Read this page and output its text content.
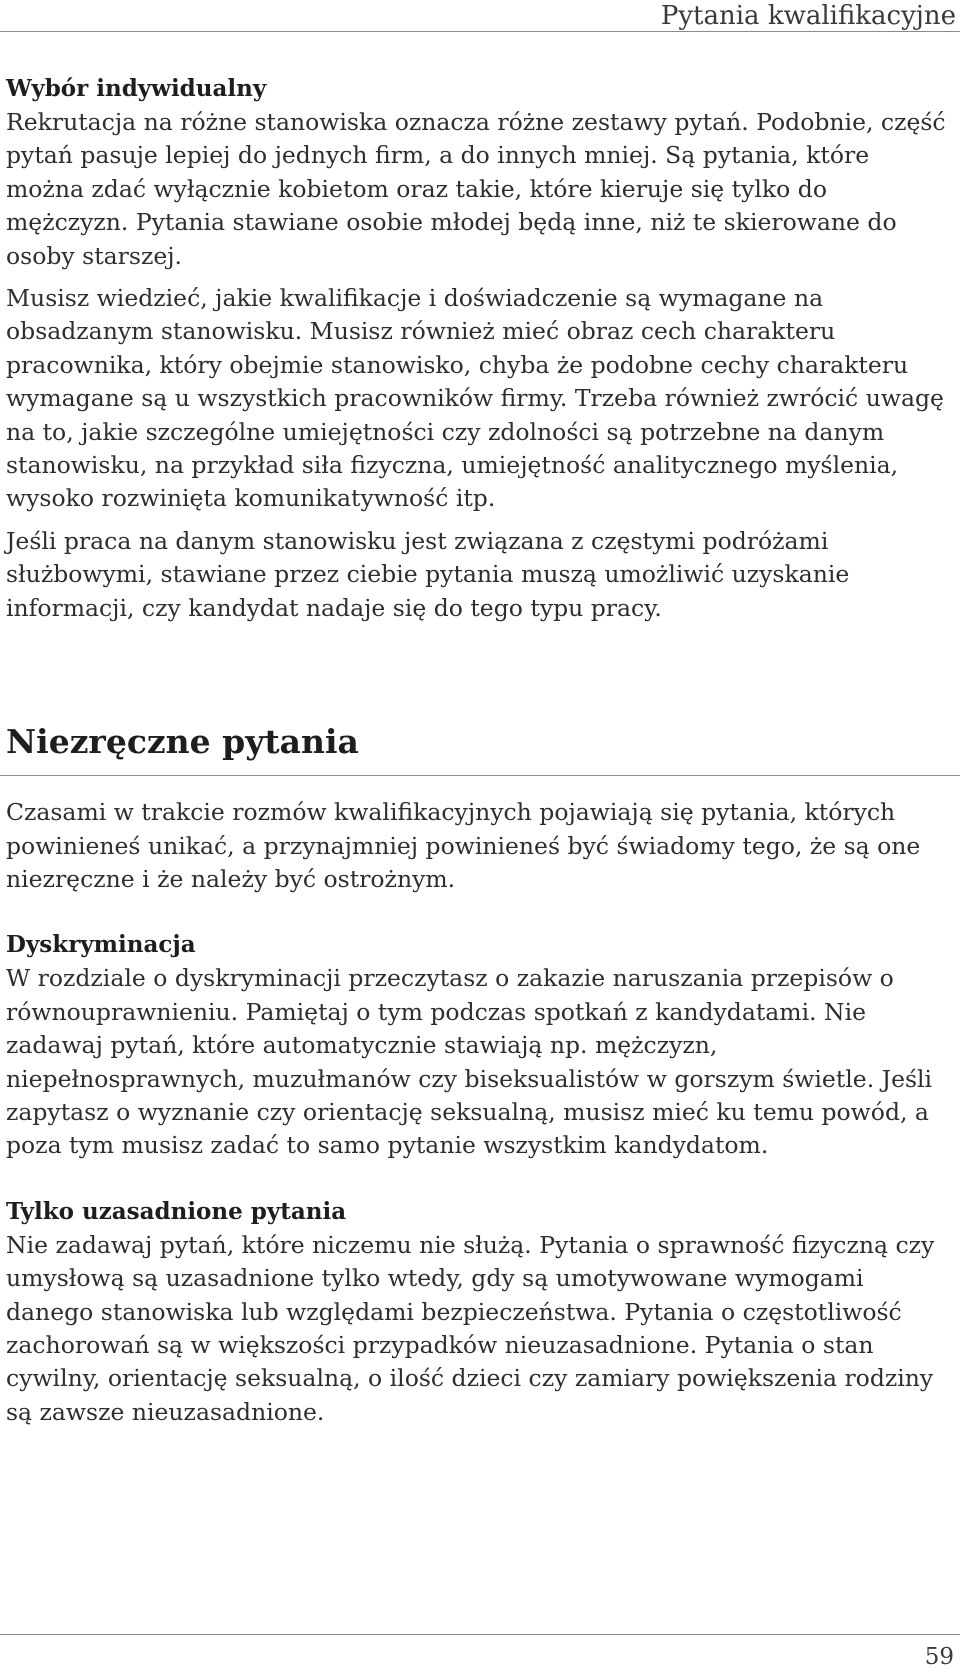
Pytania kwalifikacyjne
Wybór indywidualny

Rekrutacja na różne stanowiska oznacza różne zestawy pytań. Podobnie, część pytań pasuje lepiej do jednych firm, a do innych mniej. Są pytania, które można zdać wyłącznie kobietom oraz takie, które kieruje się tylko do mężczyzn. Pytania stawiane osobie młodej będą inne, niż te skierowane do osoby starszej.

Musisz wiedzieć, jakie kwalifikacje i doświadczenie są wymagane na obsadzanym stanowisku. Musisz również mieć obraz cech charakteru pracownika, który obejmie stanowisko, chyba że podobne cechy charakteru wymagane są u wszystkich pracowników firmy. Trzeba również zwrócić uwagę na to, jakie szczególne umiejętności czy zdolności są potrzebne na danym stanowisku, na przykład siła fizyczna, umiejętność analitycznego myślenia, wysoko rozwinięta komunikatywność itp.

Jeśli praca na danym stanowisku jest związana z częstymi podróżami służbowymi, stawiane przez ciebie pytania muszą umożliwić uzyskanie informacji, czy kandydat nadaje się do tego typu pracy.

Niezręczne pytania

Czasami w trakcie rozmów kwalifikacyjnych pojawiają się pytania, których powinieneś unikać, a przynajmniej powinieneś być świadomy tego, że są one niezręczne i że należy być ostrożnym.

Dyskryminacja

W rozdziale o dyskryminacji przeczytasz o zakazie naruszania przepisów o równouprawnieniu. Pamiętaj o tym podczas spotkań z kandydatami. Nie zadawaj pytań, które automatycznie stawiają np. mężczyzn, niepełnosprawnych, muzułmanów czy biseksualistów w gorszym świetle. Jeśli zapytasz o wyznanie czy orientację seksualną, musisz mieć ku temu powód, a poza tym musisz zadać to samo pytanie wszystkim kandydatom.

Tylko uzasadnione pytania

Nie zadawaj pytań, które niczemu nie służą. Pytania o sprawność fizyczną czy umysłową są uzasadnione tylko wtedy, gdy są umotywowane wymogami danego stanowiska lub względami bezpieczeństwa. Pytania o częstotliwość zachorowań są w większości przypadków nieuzasadnione. Pytania o stan cywilny, orientację seksualną, o ilość dzieci czy zamiary powiększenia rodziny są zawsze nieuzasadnione.

59
